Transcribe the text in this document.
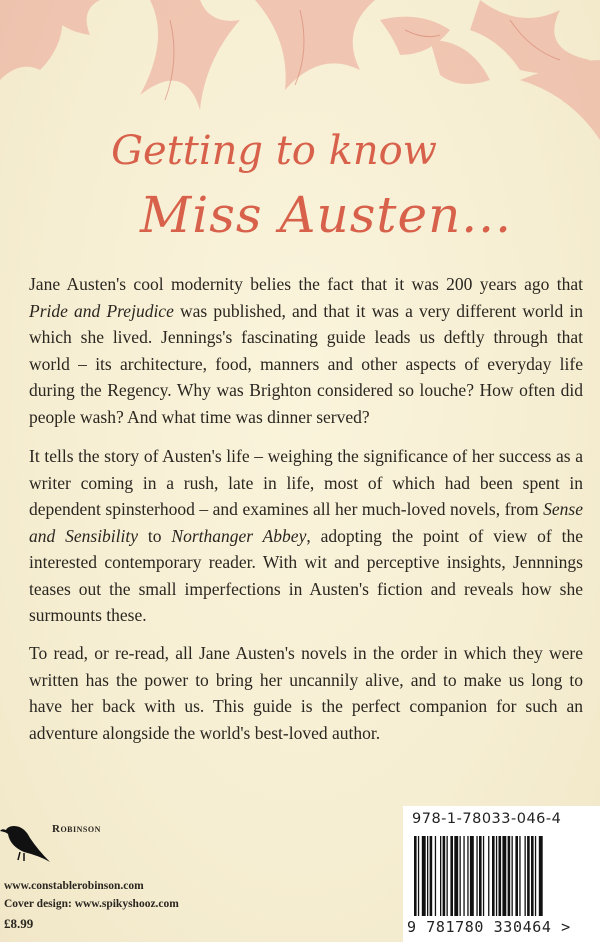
Getting to know
Miss Austen...

Jane Austen's cool modernity belies the fact that it was 200 years ago that Pride and Prejudice was published, and that it was a very different world in which she lived. Jennings's fascinating guide leads us deftly through that world – its architecture, food, manners and other aspects of everyday life during the Regency. Why was Brighton considered so louche? How often did people wash? And what time was dinner served?

It tells the story of Austen's life – weighing the significance of her success as a writer coming in a rush, late in life, most of which had been spent in dependent spinsterhood – and examines all her much-loved novels, from Sense and Sensibility to Northanger Abbey, adopting the point of view of the interested contemporary reader. With wit and perceptive insights, Jennnings teases out the small imperfections in Austen's fiction and reveals how she surmounts these.

To read, or re-read, all Jane Austen's novels in the order in which they were written has the power to bring her uncannily alive, and to make us long to have her back with us. This guide is the perfect companion for such an adventure alongside the world's best-loved author.

Robinson
www.constablerobinson.com
Cover design: www.spikyshooz.com
£8.99
978-1-78033-046-4
9 781780 330464 >
